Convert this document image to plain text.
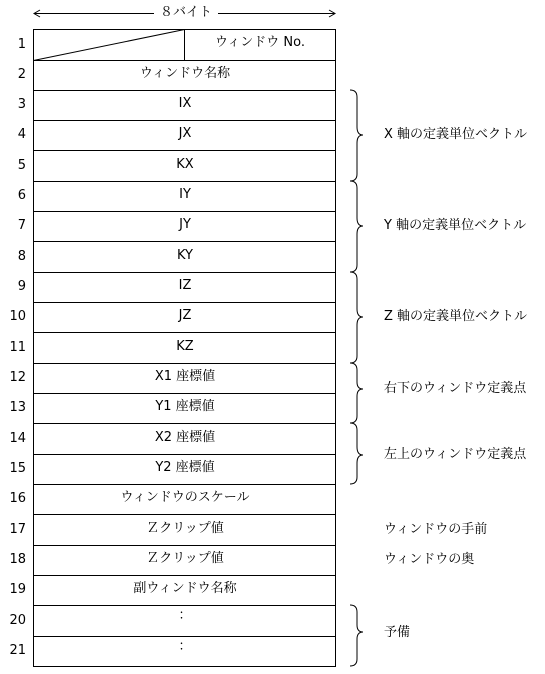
８バイト
1
2
3
4
5
6
7
8
9
10
11
12
13
14
15
16
17
18
19
20
21
ウィンドウ No.
ウィンドウ名称
IX
JX
KX
IY
JY
KY
IZ
JZ
KZ
X1 座標値
Y1 座標値
X2 座標値
Y2 座標値
ウィンドウのスケール
Ｚクリップ値
Ｚクリップ値
副ウィンドウ名称
：
：
X 軸の定義単位ベクトル
Y 軸の定義単位ベクトル
Z 軸の定義単位ベクトル
右下のウィンドウ定義点
左上のウィンドウ定義点
ウィンドウの手前
ウィンドウの奥
予備
